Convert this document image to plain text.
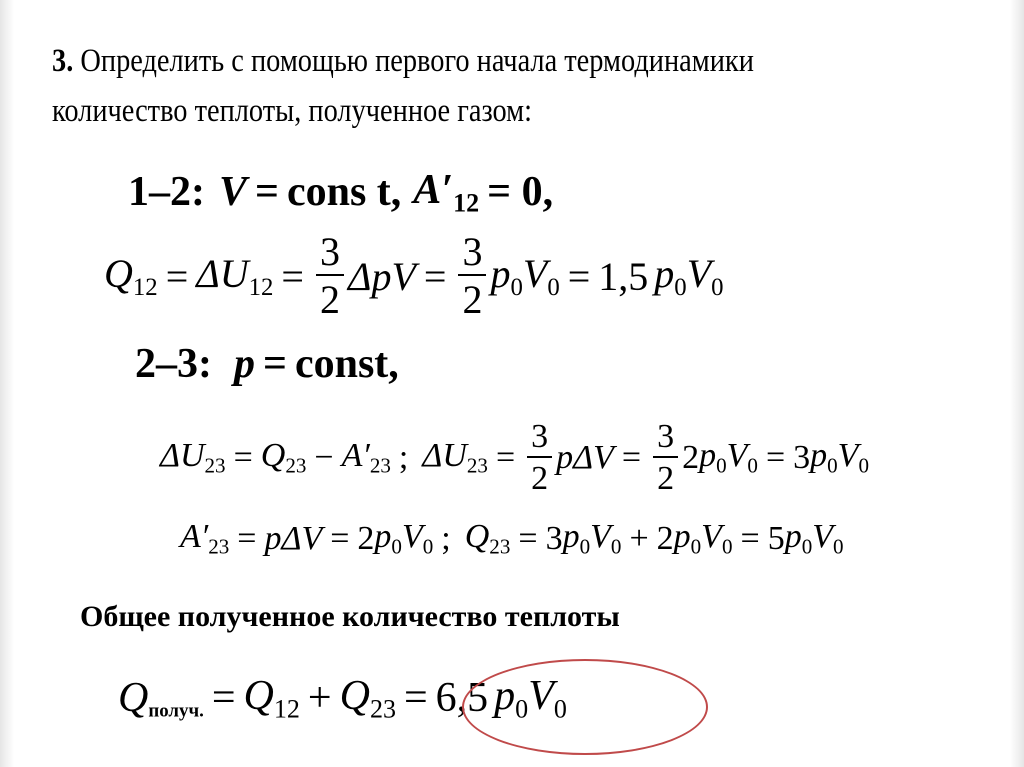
3. Определить с помощью первого начала термодинамики количество теплоты, полученное газом:
1–2: V = cons t, $A'_{12} = 0$,
$Q_{12} = \Delta U_{12} = \frac{3}{2}$ $\Delta pV = \frac{3}{2} p_0V_0 = 1,5$ $p_0V_0$
2–3: p = const,
$\Delta U_{23} = Q_{23} - A'_{23}$ ; $\Delta U_{23} = \frac{3}{2}$ p $\Delta V = \frac{3}{2} 2$ $p_0V_0 = 3$ $p_0V_0$
$A'_{23} = p$ ΔV = 2 $p_0V_0$ ; $Q_{23} = 3$ $p_0V_0 + 2$ $p_0V_0 = 5$ $p_0V_0$
Общее полученное количество теплоты
Qполуч. = $Q_{12} + Q_{23} = 6,5$ $p_0V_0$
